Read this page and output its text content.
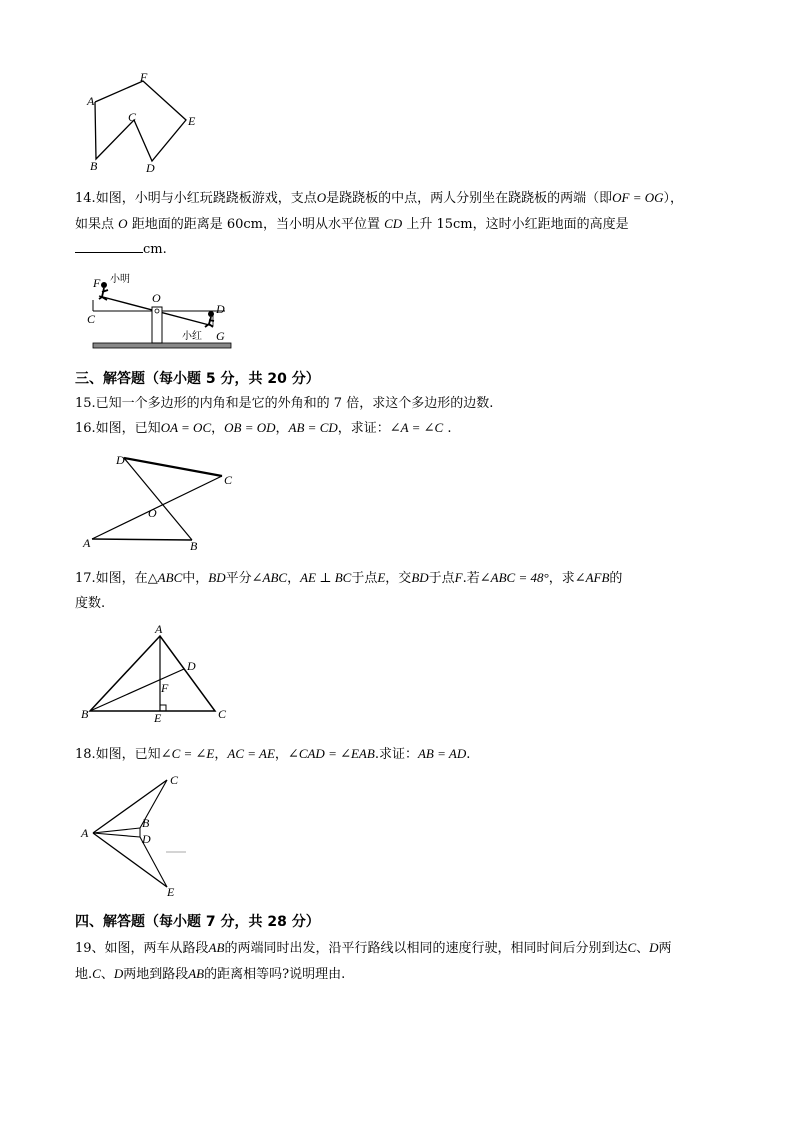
A
F
E
C
B	D
14.如图，小明与小红玩跷跷板游戏，支点O是跷跷板的中点，两人分别坐在跷跷板的两端（即OF = OG），
如果点 O 距地面的距离是 60cm，当小明从水平位置 CD 上升 15cm，这时小红距地面的高度是
cm.
F 小明
O
D
C
小红 G
三、解答题（每小题 5 分，共 20 分）
15.已知一个多边形的内角和是它的外角和的 7 倍，求这个多边形的边数.
16.如图，已知OA = OC，OB = OD，AB = CD，求证：∠A = ∠C .
D
C
O
A	B
17.如图，在△ABC中，BD平分∠ABC，AE ⊥ BC于点E，交BD于点F.若∠ABC = 48°，求∠AFB的
度数.
A
D
F
B	E	C
18.如图，已知∠C = ∠E，AC = AE，∠CAD = ∠EAB.求证：AB = AD.
C
A
B
D
E
四、解答题（每小题 7 分，共 28 分）
19、如图，两车从路段AB的两端同时出发，沿平行路线以相同的速度行驶，相同时间后分别到达C、D两
地.C、D两地到路段AB的距离相等吗?说明理由.
